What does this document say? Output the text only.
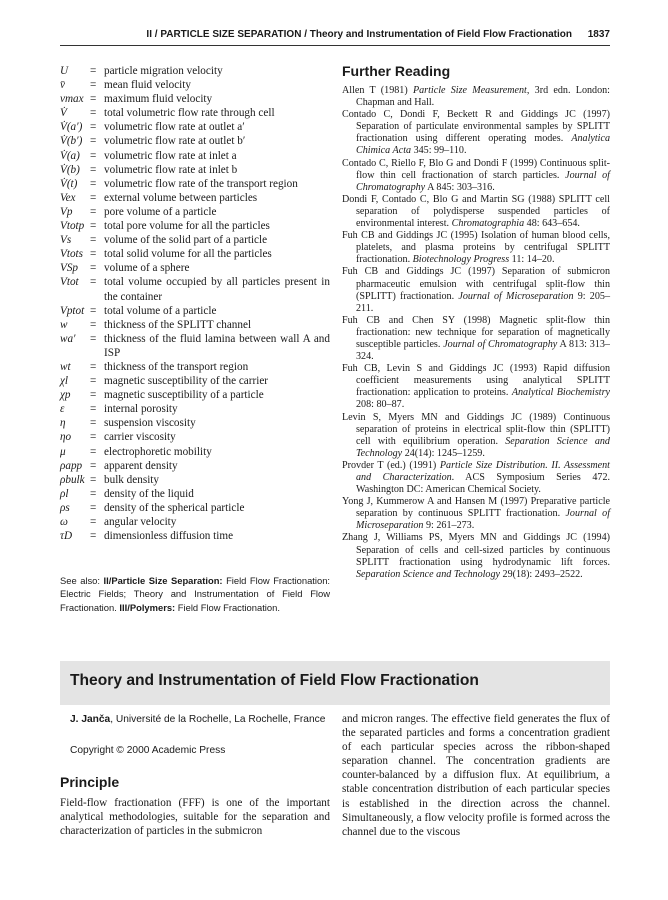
II / PARTICLE SIZE SEPARATION / Theory and Instrumentation of Field Flow Fractionation 1837
U	= particle migration velocity
v̄	= mean fluid velocity
vmax = maximum fluid velocity
V̇	= total volumetric flow rate through cell
V̇(a′) = volumetric flow rate at outlet a′
V̇(b′) = volumetric flow rate at outlet b′
V̇(a) = volumetric flow rate at inlet a
V̇(b) = volumetric flow rate at inlet b
V̇(t)	= volumetric flow rate of the transport region
Vex	= external volume between particles
Vp	= pore volume of a particle
Vtotp = total pore volume for all the particles
Vs	= volume of the solid part of a particle
Vtots = total solid volume for all the particles
VSp	= volume of a sphere
Vtot	= total volume occupied by all particles present in the container
Vptot = total volume of a particle
w	= thickness of the SPLITT channel
wa′	= thickness of the fluid lamina between wall A and ISP
wt	= thickness of the transport region
χl	= magnetic susceptibility of the carrier
χp	= magnetic susceptibility of a particle
ε	= internal porosity
η	= suspension viscosity
ηo	= carrier viscosity
μ	= electrophoretic mobility
ρapp = apparent density
ρbulk = bulk density
ρl	= density of the liquid
ρs	= density of the spherical particle
ω	= angular velocity
τD	= dimensionless diffusion time
See also: II/Particle Size Separation: Field Flow Fractionation: Electric Fields; Theory and Instrumentation of Field Flow Fractionation. III/Polymers: Field Flow Fractionation.
Further Reading
Allen T (1981) Particle Size Measurement, 3rd edn. London: Chapman and Hall.
Contado C, Dondi F, Beckett R and Giddings JC (1997) Separation of particulate environmental samples by SPLITT fractionation using different operating modes. Analytica Chimica Acta 345: 99–110.
Contado C, Riello F, Blo G and Dondi F (1999) Continuous split-flow thin cell fractionation of starch particles. Journal of Chromatography A 845: 303–316.
Dondi F, Contado C, Blo G and Martin SG (1988) SPLITT cell separation of polydisperse suspended particles of environmental interest. Chromatographia 48: 643–654.
Fuh CB and Giddings JC (1995) Isolation of human blood cells, platelets, and plasma proteins by centrifugal SPLITT fractionation. Biotechnology Progress 11: 14–20.
Fuh CB and Giddings JC (1997) Separation of submicron pharmaceutic emulsion with centrifugal split-flow thin (SPLITT) fractionation. Journal of Microseparation 9: 205–211.
Fuh CB and Chen SY (1998) Magnetic split-flow thin fractionation: new technique for separation of magnetically susceptible particles. Journal of Chromatography A 813: 313–324.
Fuh CB, Levin S and Giddings JC (1993) Rapid diffusion coefficient measurements using analytical SPLITT fractionation: application to proteins. Analytical Biochemistry 208: 80–87.
Levin S, Myers MN and Giddings JC (1989) Continuous separation of proteins in electrical split-flow thin (SPLITT) cell with equilibrium operation. Separation Science and Technology 24(14): 1245–1259.
Provder T (ed.) (1991) Particle Size Distribution. II. Assessment and Characterization. ACS Symposium Series 472. Washington DC: American Chemical Society.
Yong J, Kummerow A and Hansen M (1997) Preparative particle separation by continuous SPLITT fractionation. Journal of Microseparation 9: 261–273.
Zhang J, Williams PS, Myers MN and Giddings JC (1994) Separation of cells and cell-sized particles by continuous SPLITT fractionation using hydrodynamic lift forces. Separation Science and Technology 29(18): 2493–2522.
Theory and Instrumentation of Field Flow Fractionation
J. Janča, Université de la Rochelle, La Rochelle, France
Copyright © 2000 Academic Press
Principle
Field-flow fractionation (FFF) is one of the important analytical methodologies, suitable for the separation and characterization of particles in the submicron
and micron ranges. The effective field generates the flux of the separated particles and forms a concentration gradient of each particular species across the ribbon-shaped separation channel. The concentration gradients are counter-balanced by a diffusion flux. At equilibrium, a stable concentration distribution of each particular species is established in the direction across the channel. Simultaneously, a flow velocity profile is formed across the channel due to the viscous
